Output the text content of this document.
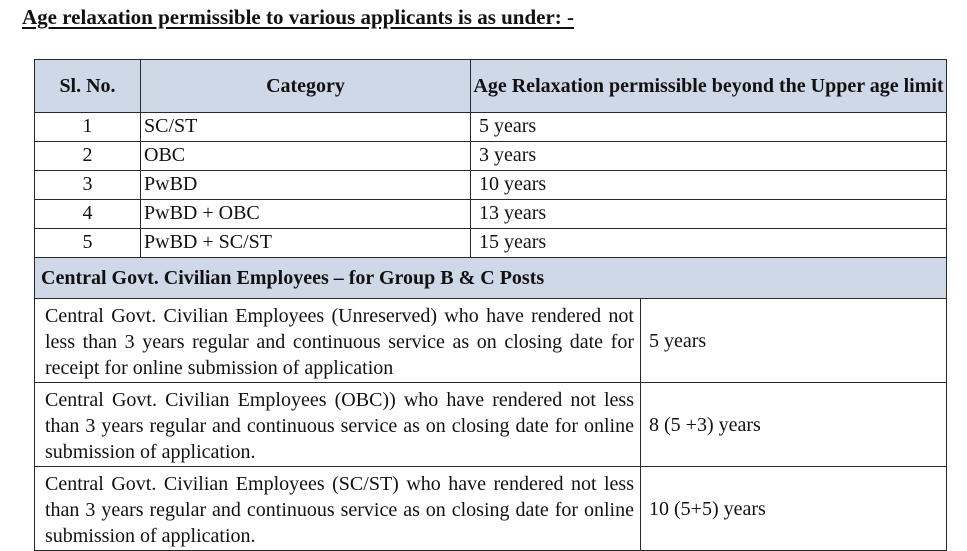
Age relaxation permissible to various applicants is as under: -
Sl. No.	Category	Age Relaxation permissible beyond the Upper age limit	
1	SC/ST	5 years	
2	OBC	3 years	
3	PwBD	10 years	
4	PwBD + OBC	13 years	
5	PwBD + SC/ST	15 years	
Central Govt. Civilian Employees – for Group B & C Posts			
Central Govt. Civilian Employees (Unreserved) who have rendered not less than 3 years regular and continuous service as on closing date for receipt for online submission of application			5 years
Central Govt. Civilian Employees (OBC)) who have rendered not less than 3 years regular and continuous service as on closing date for online submission of application.			8 (5 +3) years
Central Govt. Civilian Employees (SC/ST) who have rendered not less than 3 years regular and continuous service as on closing date for online submission of application.			10 (5+5) years
